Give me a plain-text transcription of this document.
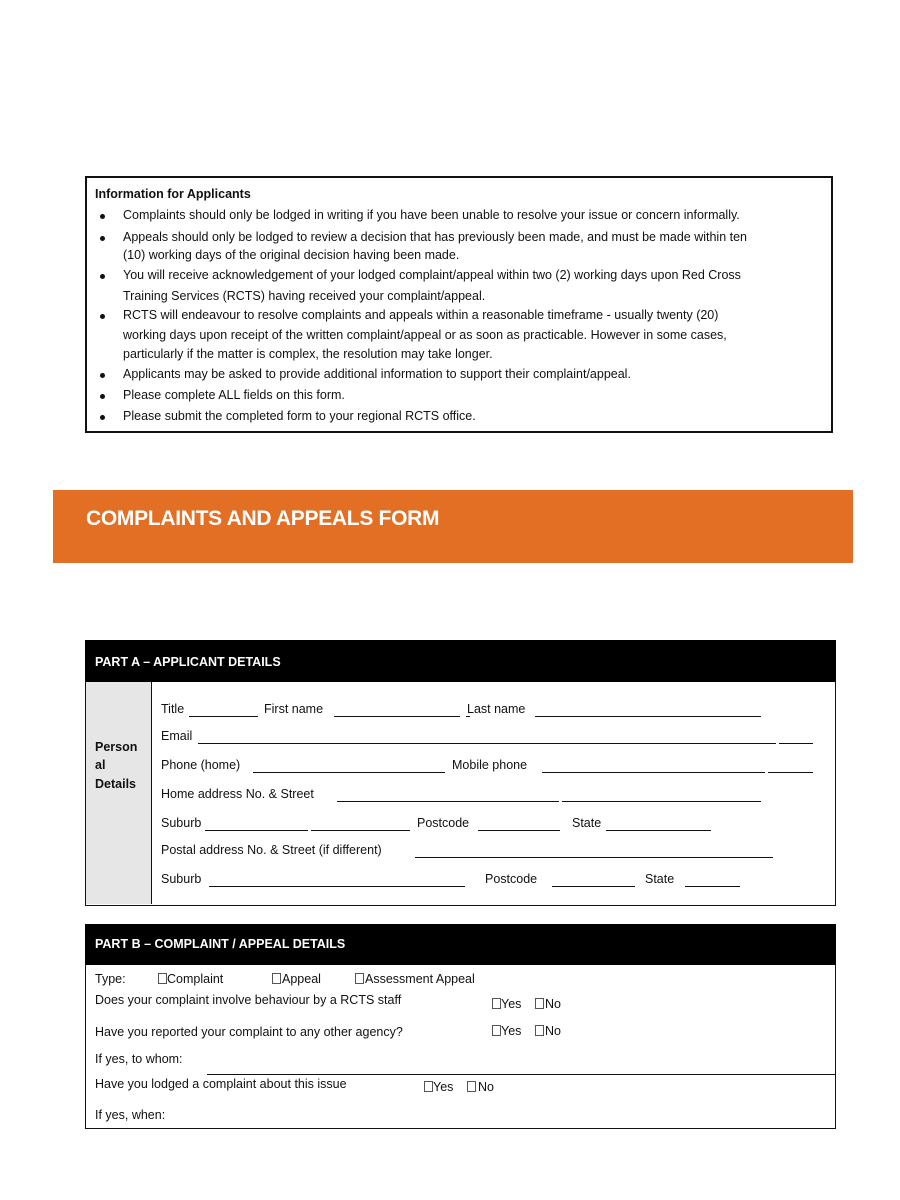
Information for Applicants
Complaints should only be lodged in writing if you have been unable to resolve your issue or concern informally.
Appeals should only be lodged to review a decision that has previously been made, and must be made within ten
(10) working days of the original decision having been made.
You will receive acknowledgement of your lodged complaint/appeal within two (2) working days upon Red Cross
Training Services (RCTS) having received your complaint/appeal.
RCTS will endeavour to resolve complaints and appeals within a reasonable timeframe - usually twenty (20)
working days upon receipt of the written complaint/appeal or as soon as practicable. However in some cases,
particularly if the matter is complex, the resolution may take longer.
Applicants may be asked to provide additional information to support their complaint/appeal.
Please complete ALL fields on this form.
Please submit the completed form to your regional RCTS office.
COMPLAINTS AND APPEALS FORM
PART A – APPLICANT DETAILS
Person
al
Details
Title	First name	Last name
Email
Phone (home)	Mobile phone
Home address No. & Street
Suburb	Postcode	State
Postal address No. & Street (if different)
Suburb	Postcode	State
PART B – COMPLAINT / APPEAL DETAILS
Type:	Complaint	Appeal	Assessment Appeal
Does your complaint involve behaviour by a RCTS staff	Yes No
Have you reported your complaint to any other agency?	Yes No
If yes, to whom:
Have you lodged a complaint about this issue	Yes No
If yes, when:
